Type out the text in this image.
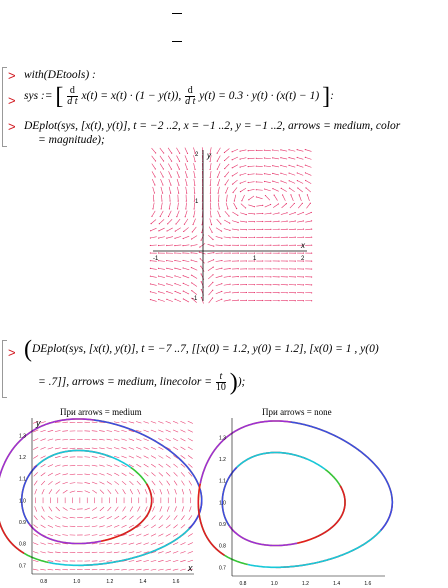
> with(DEtools) :
> sys := [ $\frac{d}{\text{d t}} x(t) = x(t) \cdot (1 - y(t))$, $\frac{d}{\text{d t}} y(t) = 0.3 \cdot y(t) \cdot (x(t) - 1)$ ]:
> DEplot(sys, [x(t), y(t)], t = −2 ..2, x = −1 ..2, y = −1 ..2, arrows = medium, color
= magnitude);
x
y
-1	1	2
2
1
-1
> (DEplot(sys, [x(t), y(t)], t = −7 ..7, [[x(0) = 1.2, y(0) = 1.2], [x(0) = 1 , y(0)
= .7]], arrows = medium, linecolor = $\frac{t}{10}$ ));
При arrows = medium	При arrows = none
y
x
0.8	1.0	1.2	1.4	1.6
1.3
1.2
1.1
1.0
0.9
0.8
0.7
0.8	1.0	1.2	1.4	1.6
1.3
1.2
1.1
1.0
0.9
0.8
0.7
